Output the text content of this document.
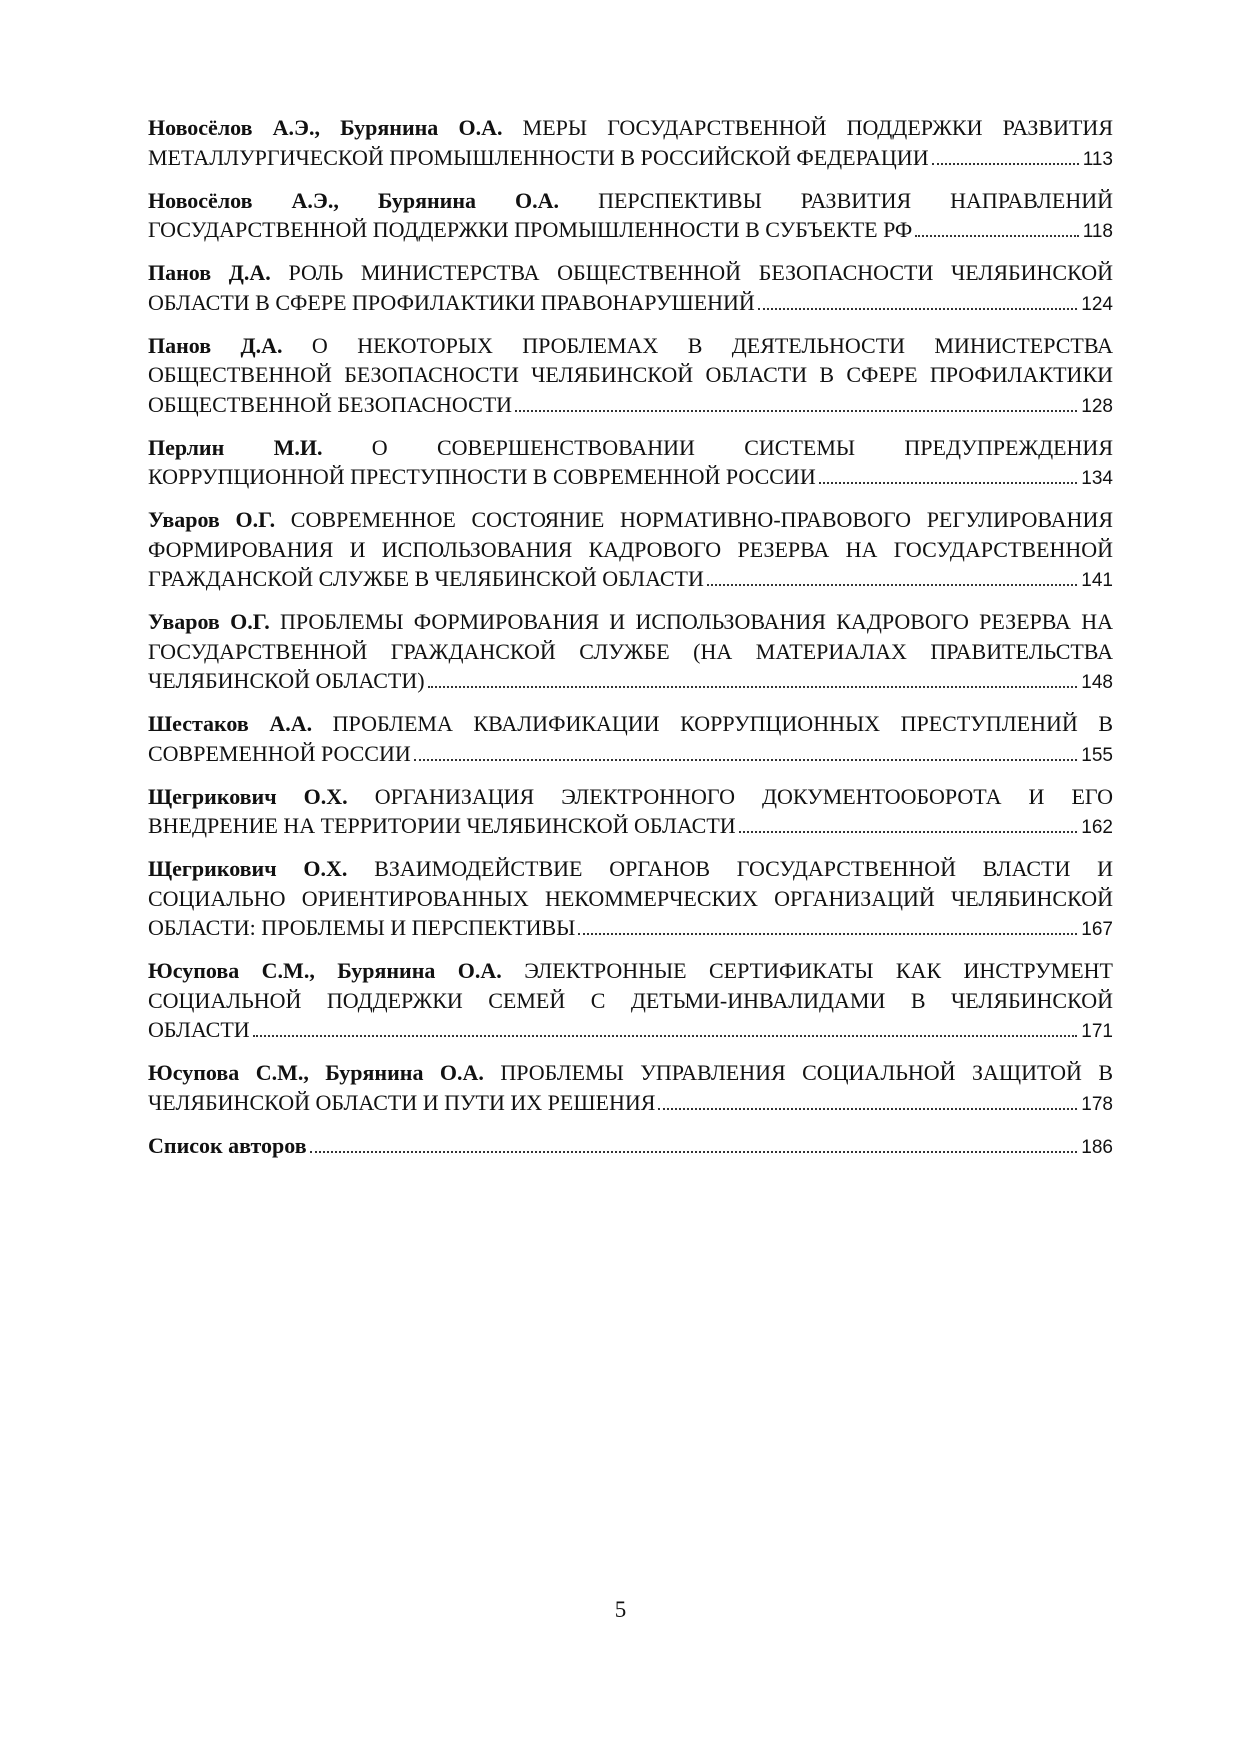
Новосёлов А.Э., Бурянина О.А. МЕРЫ ГОСУДАРСТВЕННОЙ ПОДДЕРЖКИ РАЗВИТИЯ
МЕТАЛЛУРГИЧЕСКОЙ ПРОМЫШЛЕННОСТИ В РОССИЙСКОЙ ФЕДЕРАЦИИ	113
Новосёлов А.Э., Бурянина О.А. ПЕРСПЕКТИВЫ РАЗВИТИЯ НАПРАВЛЕНИЙ
ГОСУДАРСТВЕННОЙ ПОДДЕРЖКИ ПРОМЫШЛЕННОСТИ В СУБЪЕКТЕ РФ	118
Панов Д.А. РОЛЬ МИНИСТЕРСТВА ОБЩЕСТВЕННОЙ БЕЗОПАСНОСТИ ЧЕЛЯБИНСКОЙ
ОБЛАСТИ В СФЕРЕ ПРОФИЛАКТИКИ ПРАВОНАРУШЕНИЙ	124
Панов Д.А. О НЕКОТОРЫХ ПРОБЛЕМАХ В ДЕЯТЕЛЬНОСТИ МИНИСТЕРСТВА ОБЩЕСТВЕННОЙ БЕЗОПАСНОСТИ ЧЕЛЯБИНСКОЙ ОБЛАСТИ В СФЕРЕ ПРОФИЛАКТИКИ
ОБЩЕСТВЕННОЙ БЕЗОПАСНОСТИ	128
Перлин М.И. О СОВЕРШЕНСТВОВАНИИ СИСТЕМЫ ПРЕДУПРЕЖДЕНИЯ
КОРРУПЦИОННОЙ ПРЕСТУПНОСТИ В СОВРЕМЕННОЙ РОССИИ	134
Уваров О.Г. СОВРЕМЕННОЕ СОСТОЯНИЕ НОРМАТИВНО-ПРАВОВОГО РЕГУЛИРОВАНИЯ ФОРМИРОВАНИЯ И ИСПОЛЬЗОВАНИЯ КАДРОВОГО РЕЗЕРВА НА ГОСУДАРСТВЕННОЙ
ГРАЖДАНСКОЙ СЛУЖБЕ В ЧЕЛЯБИНСКОЙ ОБЛАСТИ	141
Уваров О.Г. ПРОБЛЕМЫ ФОРМИРОВАНИЯ И ИСПОЛЬЗОВАНИЯ КАДРОВОГО РЕЗЕРВА НА ГОСУДАРСТВЕННОЙ ГРАЖДАНСКОЙ СЛУЖБЕ (НА МАТЕРИАЛАХ ПРАВИТЕЛЬСТВА
ЧЕЛЯБИНСКОЙ ОБЛАСТИ)	148
Шестаков А.А. ПРОБЛЕМА КВАЛИФИКАЦИИ КОРРУПЦИОННЫХ ПРЕСТУПЛЕНИЙ В
СОВРЕМЕННОЙ РОССИИ	155
Щегрикович О.Х. ОРГАНИЗАЦИЯ ЭЛЕКТРОННОГО ДОКУМЕНТООБОРОТА И ЕГО
ВНЕДРЕНИЕ НА ТЕРРИТОРИИ ЧЕЛЯБИНСКОЙ ОБЛАСТИ	162
Щегрикович О.Х. ВЗАИМОДЕЙСТВИЕ ОРГАНОВ ГОСУДАРСТВЕННОЙ ВЛАСТИ И СОЦИАЛЬНО ОРИЕНТИРОВАННЫХ НЕКОММЕРЧЕСКИХ ОРГАНИЗАЦИЙ ЧЕЛЯБИНСКОЙ
ОБЛАСТИ: ПРОБЛЕМЫ И ПЕРСПЕКТИВЫ	167
Юсупова С.М., Бурянина О.А. ЭЛЕКТРОННЫЕ СЕРТИФИКАТЫ КАК ИНСТРУМЕНТ СОЦИАЛЬНОЙ ПОДДЕРЖКИ СЕМЕЙ С ДЕТЬМИ-ИНВАЛИДАМИ В ЧЕЛЯБИНСКОЙ
ОБЛАСТИ	171
Юсупова С.М., Бурянина О.А. ПРОБЛЕМЫ УПРАВЛЕНИЯ СОЦИАЛЬНОЙ ЗАЩИТОЙ В
ЧЕЛЯБИНСКОЙ ОБЛАСТИ И ПУТИ ИХ РЕШЕНИЯ	178
Список авторов	186
5
